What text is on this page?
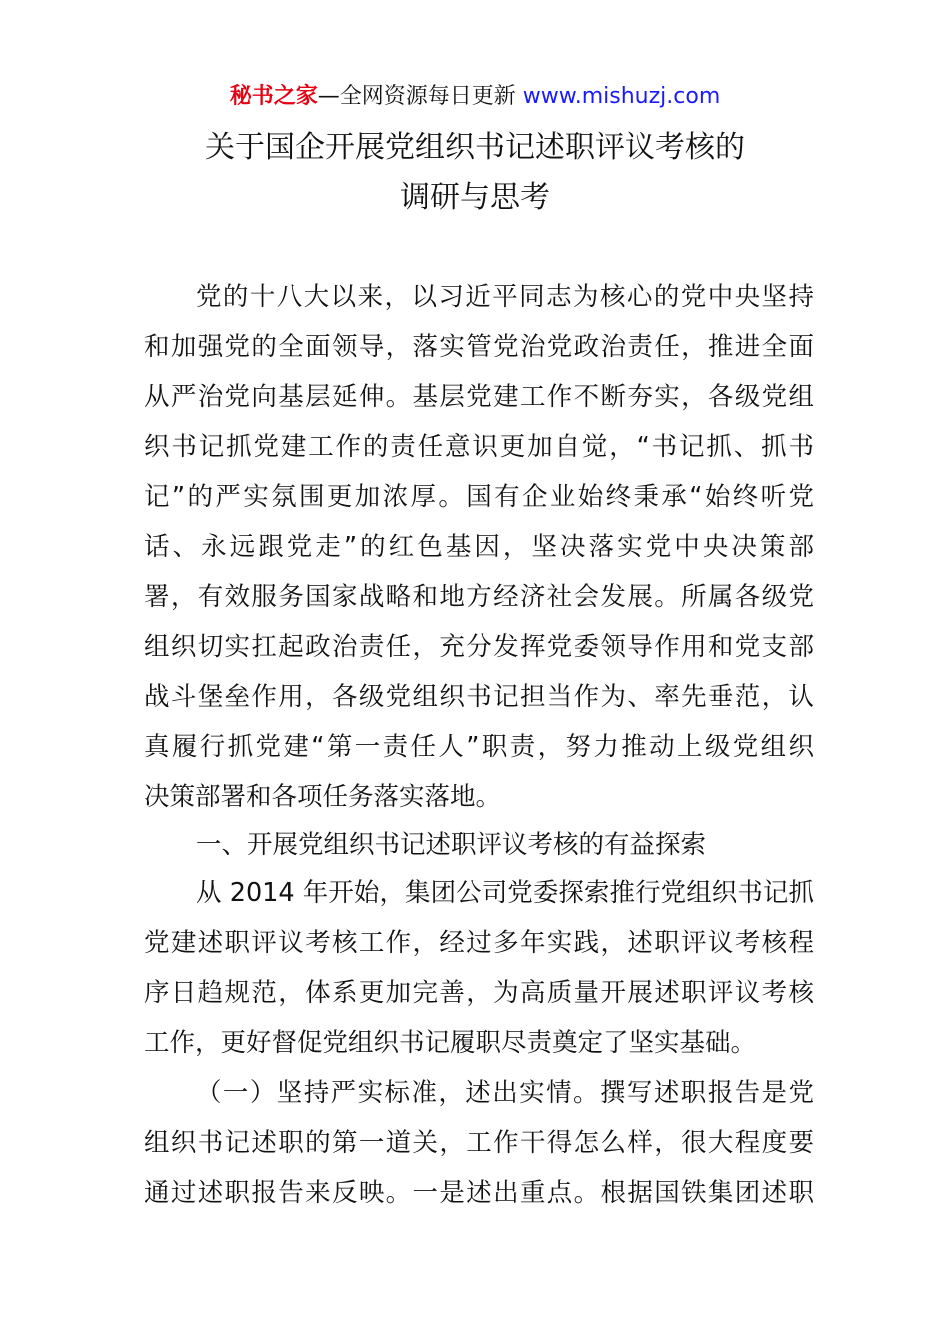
秘书之家—全网资源每日更新 www.mishuzj.com
关于国企开展党组织书记述职评议考核的
调研与思考
党的十八大以来，以习近平同志为核心的党中央坚持
和加强党的全面领导，落实管党治党政治责任，推进全面
从严治党向基层延伸。基层党建工作不断夯实，各级党组
织书记抓党建工作的责任意识更加自觉，“书记抓、抓书
记”的严实氛围更加浓厚。国有企业始终秉承“始终听党
话、永远跟党走”的红色基因，坚决落实党中央决策部
署，有效服务国家战略和地方经济社会发展。所属各级党
组织切实扛起政治责任，充分发挥党委领导作用和党支部
战斗堡垒作用，各级党组织书记担当作为、率先垂范，认
真履行抓党建“第一责任人”职责，努力推动上级党组织
决策部署和各项任务落实落地。
一、开展党组织书记述职评议考核的有益探索
从 2014 年开始，集团公司党委探索推行党组织书记抓
党建述职评议考核工作，经过多年实践，述职评议考核程
序日趋规范，体系更加完善，为高质量开展述职评议考核
工作，更好督促党组织书记履职尽责奠定了坚实基础。
（一）坚持严实标准，述出实情。撰写述职报告是党
组织书记述职的第一道关，工作干得怎么样，很大程度要
通过述职报告来反映。一是述出重点。根据国铁集团述职
